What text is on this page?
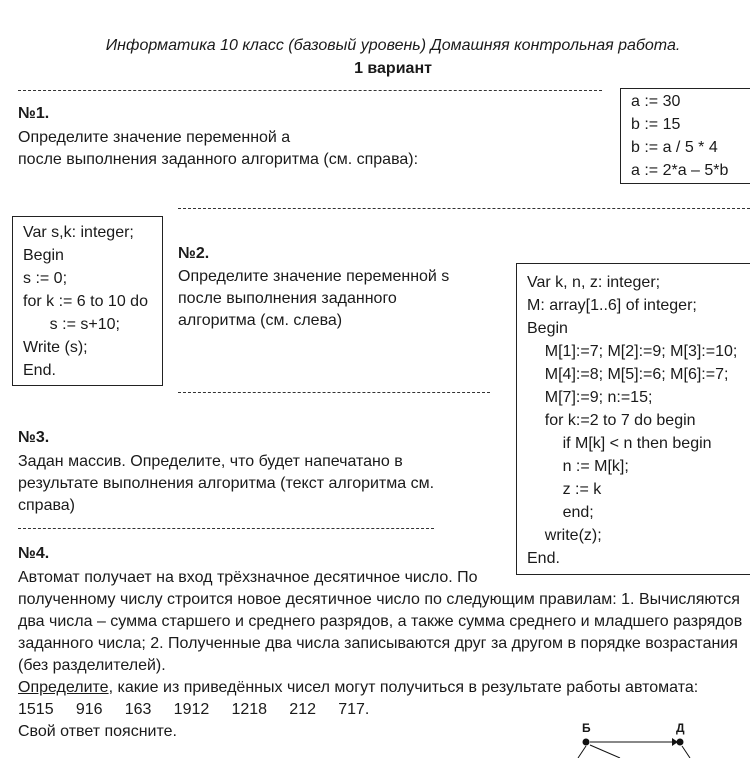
Информатика 10 класс (базовый уровень) Домашняя контрольная работа.
1 вариант
№1.
Определите значение переменной a
после выполнения заданного алгоритма (см. справа):
a := 30
b := 15
b := a / 5 * 4
a := 2*a – 5*b
Var s,k: integer;
Begin
s := 0;
for k := 6 to 10 do
s := s+10;
Write (s);
End.
№2.
Определите значение переменной s
после выполнения заданного
алгоритма (см. слева)
№3.
Задан массив. Определите, что будет напечатано в
результате выполнения алгоритма (текст алгоритма см.
справа)
Var k, n, z: integer;
M: array[1..6] of integer;
Begin
M[1]:=7; M[2]:=9; M[3]:=10;
M[4]:=8; M[5]:=6; M[6]:=7;
M[7]:=9; n:=15;
for k:=2 to 7 do begin
if M[k] < n then begin
n := M[k];
z := k
end;
write(z);
End.
№4.
Автомат получает на вход трёхзначное десятичное число. По
полученному числу строится новое десятичное число по следующим правилам: 1. Вычисляются
два числа – сумма старшего и среднего разрядов, а также сумма среднего и младшего разрядов
заданного числа; 2. Полученные два числа записываются друг за другом в порядке возрастания
(без разделителей).
Определите, какие из приведённых чисел могут получиться в результате работы автомата:
1515     916     163     1912     1218     212     717.
Свой ответ поясните.	Б	Д
